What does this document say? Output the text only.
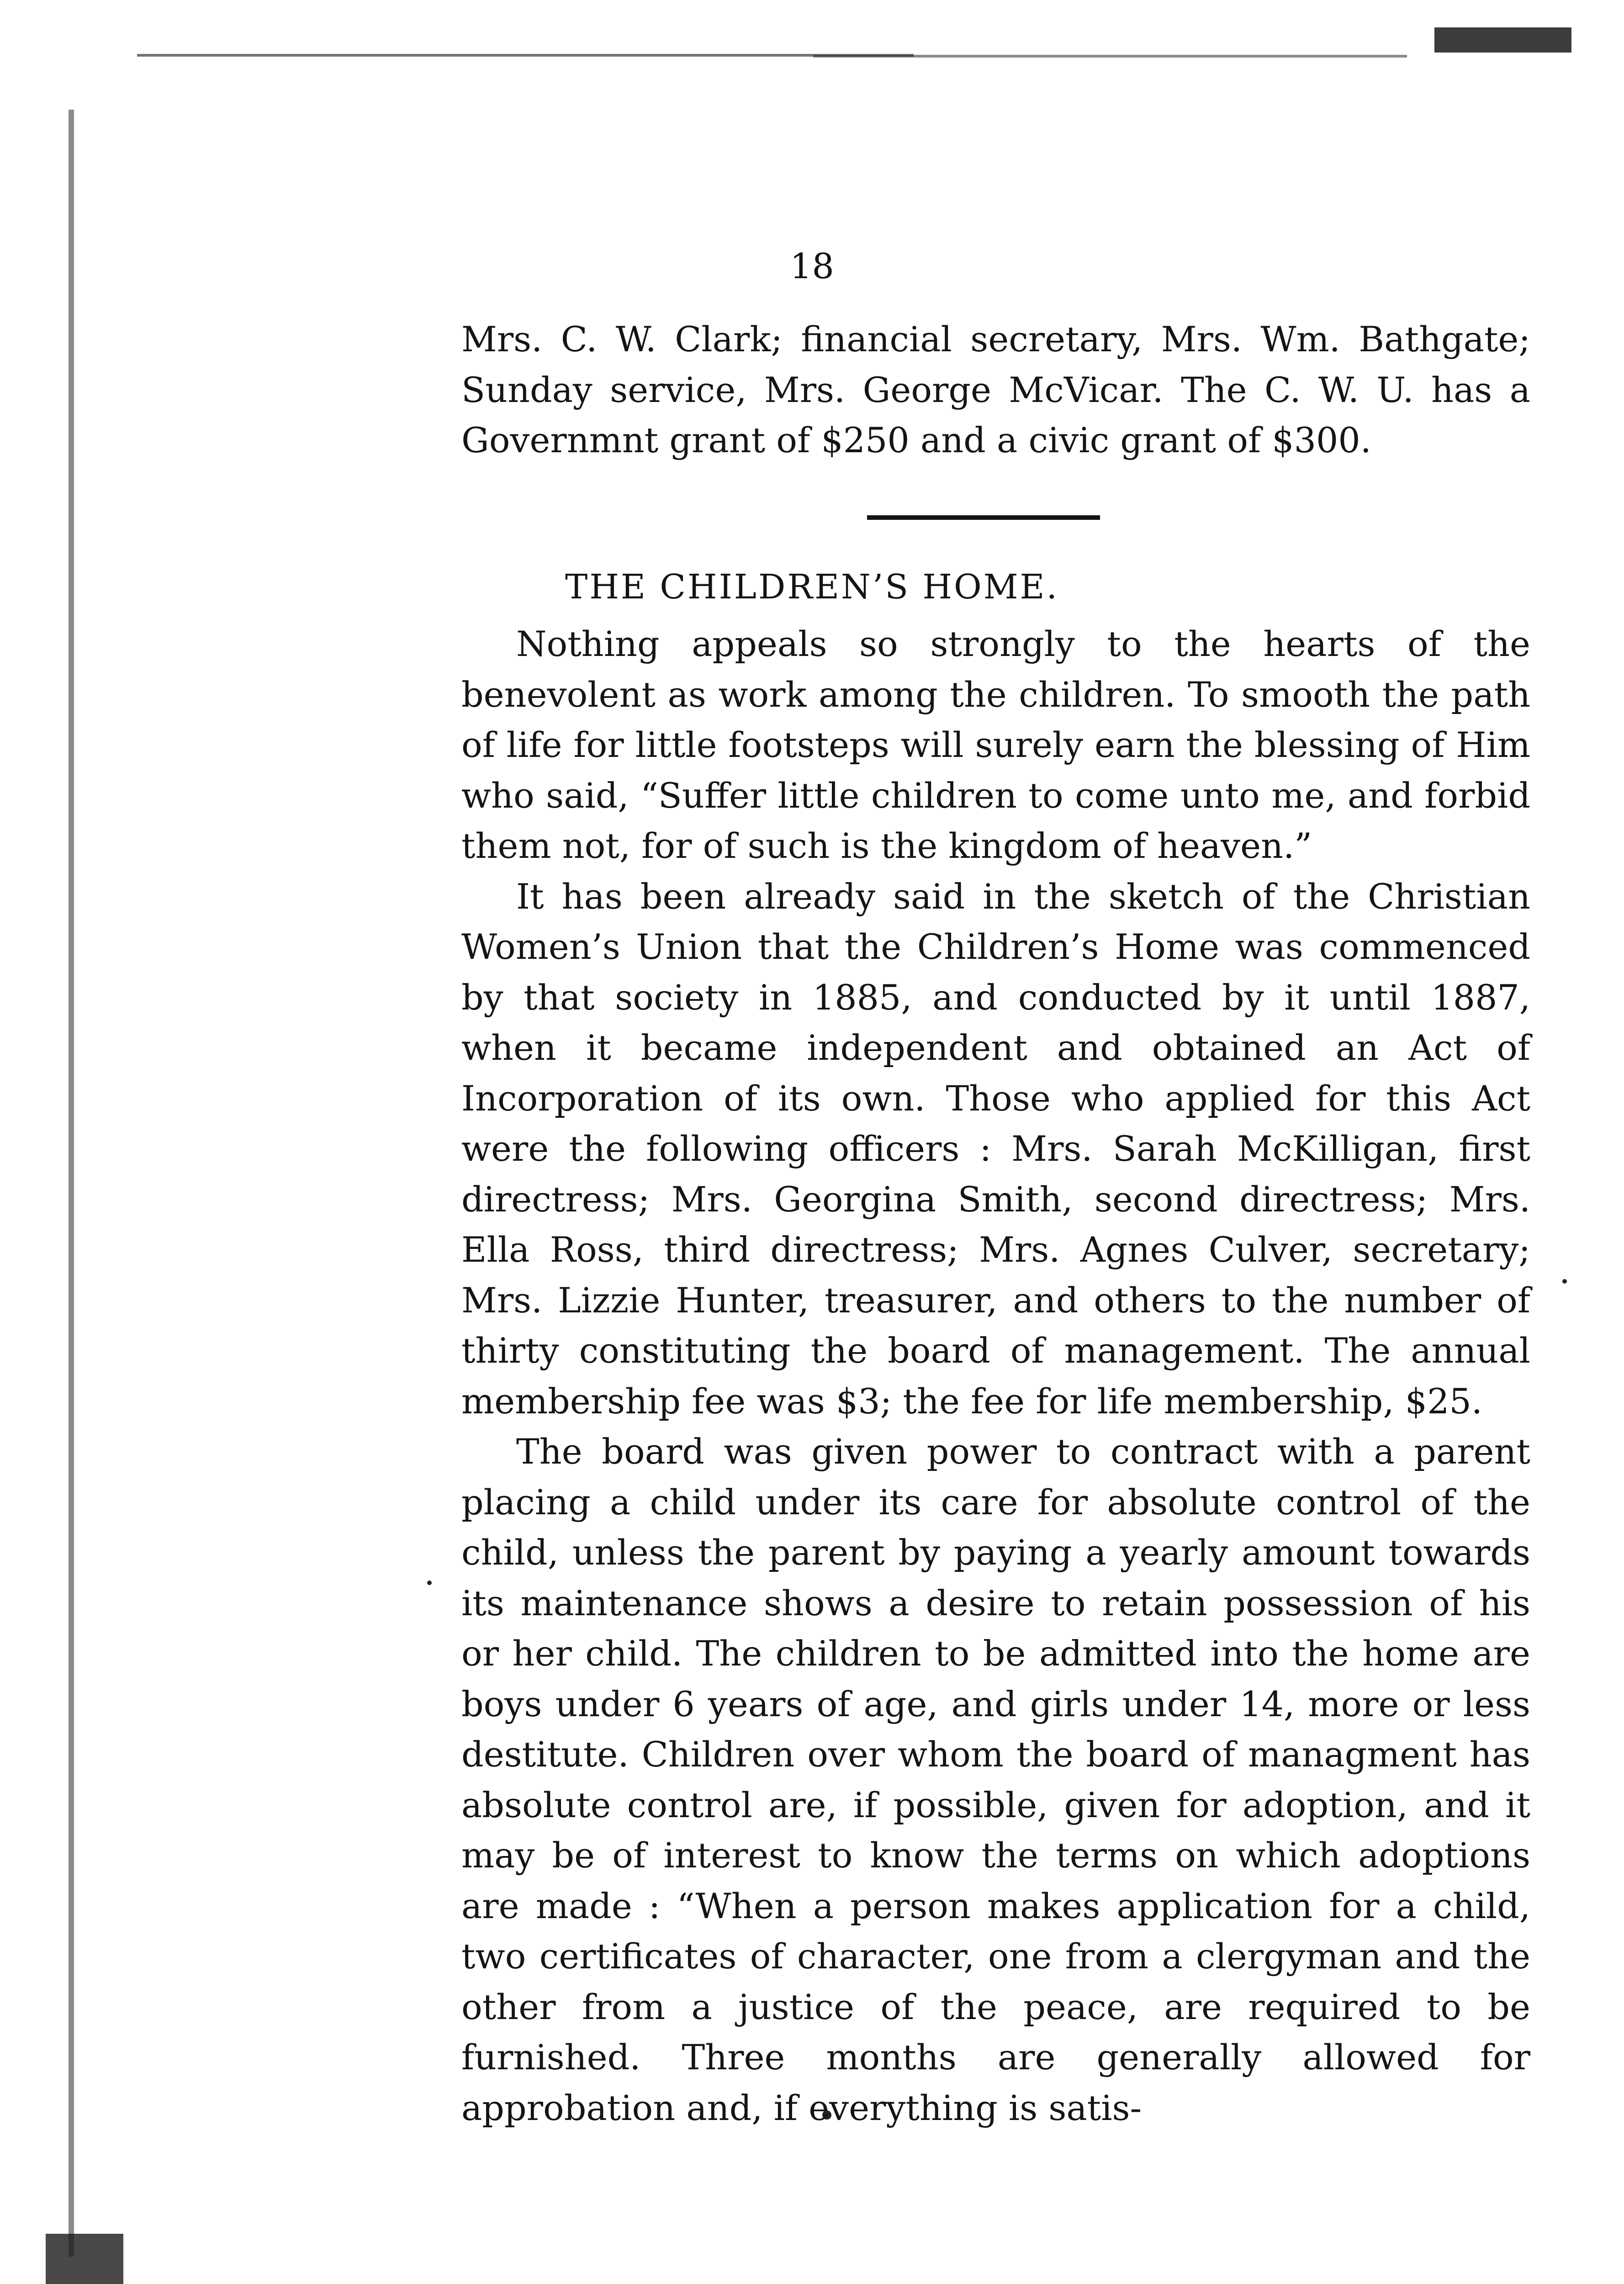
18

Mrs. C. W. Clark; financial secretary, Mrs. Wm. Bathgate; Sunday service, Mrs. George McVicar. The C. W. U. has a Governmnt grant of $250 and a civic grant of $300.

THE CHILDREN’S HOME.

Nothing appeals so strongly to the hearts of the benevolent as work among the children. To smooth the path of life for little footsteps will surely earn the blessing of Him who said, “Suffer little children to come unto me, and forbid them not, for of such is the kingdom of heaven.”

It has been already said in the sketch of the Christian Women’s Union that the Children’s Home was commenced by that society in 1885, and conducted by it until 1887, when it became independent and obtained an Act of Incorporation of its own. Those who applied for this Act were the following officers : Mrs. Sarah McKilligan, first directress; Mrs. Georgina Smith, second directress; Mrs. Ella Ross, third directress; Mrs. Agnes Culver, secretary; Mrs. Lizzie Hunter, treasurer, and others to the number of thirty constituting the board of management. The annual membership fee was $3; the fee for life membership, $25.

The board was given power to contract with a parent placing a child under its care for absolute control of the child, unless the parent by paying a yearly amount towards its maintenance shows a desire to retain possession of his or her child. The children to be admitted into the home are boys under 6 years of age, and girls under 14, more or less destitute. Children over whom the board of managment has absolute control are, if possible, given for adoption, and it may be of interest to know the terms on which adoptions are made : “When a person makes application for a child, two certificates of character, one from a clergyman and the other from a justice of the peace, are required to be furnished. Three months are generally allowed for approbation and, if everything is satis-
